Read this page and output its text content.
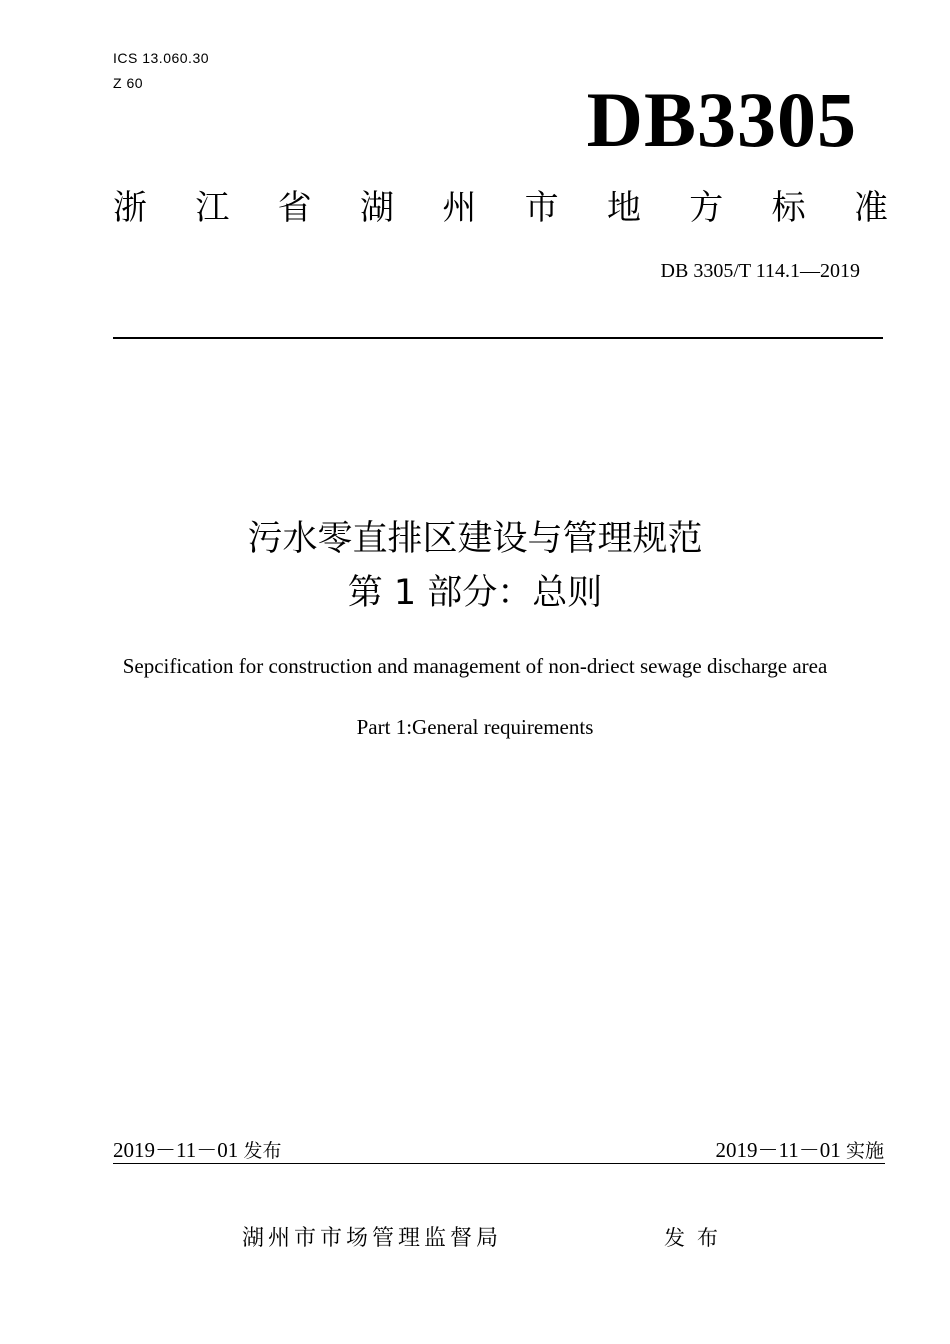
ICS 13.060.30
Z 60	DB3305
浙 江 省 湖 州 市 地 方 标 准
DB 3305/T 114.1—2019
污水零直排区建设与管理规范
第 1 部分：总则
Sepcification for construction and management of non-driect sewage discharge area
Part 1:General requirements
2019－11－01 发布	2019－11－01 实施
湖州市市场管理监督局	发布
